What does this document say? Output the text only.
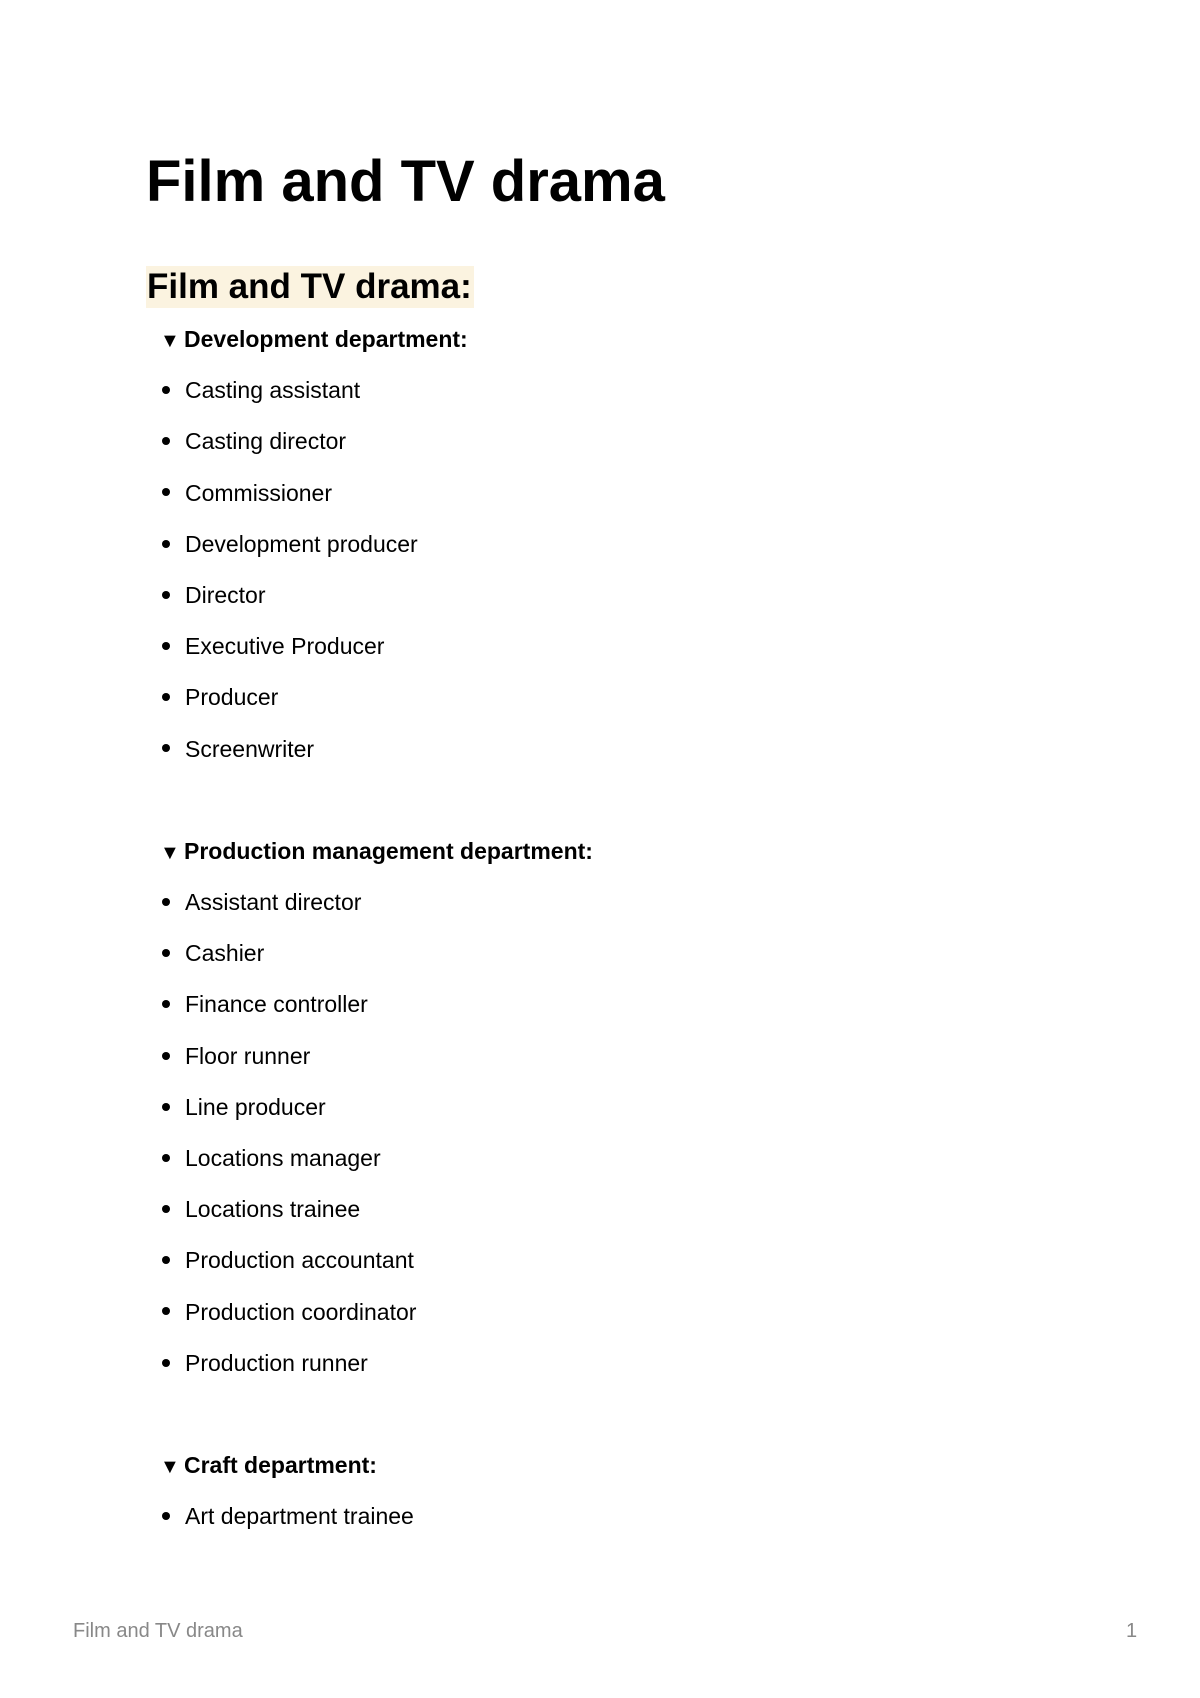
Film and TV drama
Film and TV drama:
▼ Development department:
Casting assistant
Casting director
Commissioner
Development producer
Director
Executive Producer
Producer
Screenwriter
▼ Production management department:
Assistant director
Cashier
Finance controller
Floor runner
Line producer
Locations manager
Locations trainee
Production accountant
Production coordinator
Production runner
▼ Craft department:
Art department trainee
Film and TV drama	1
